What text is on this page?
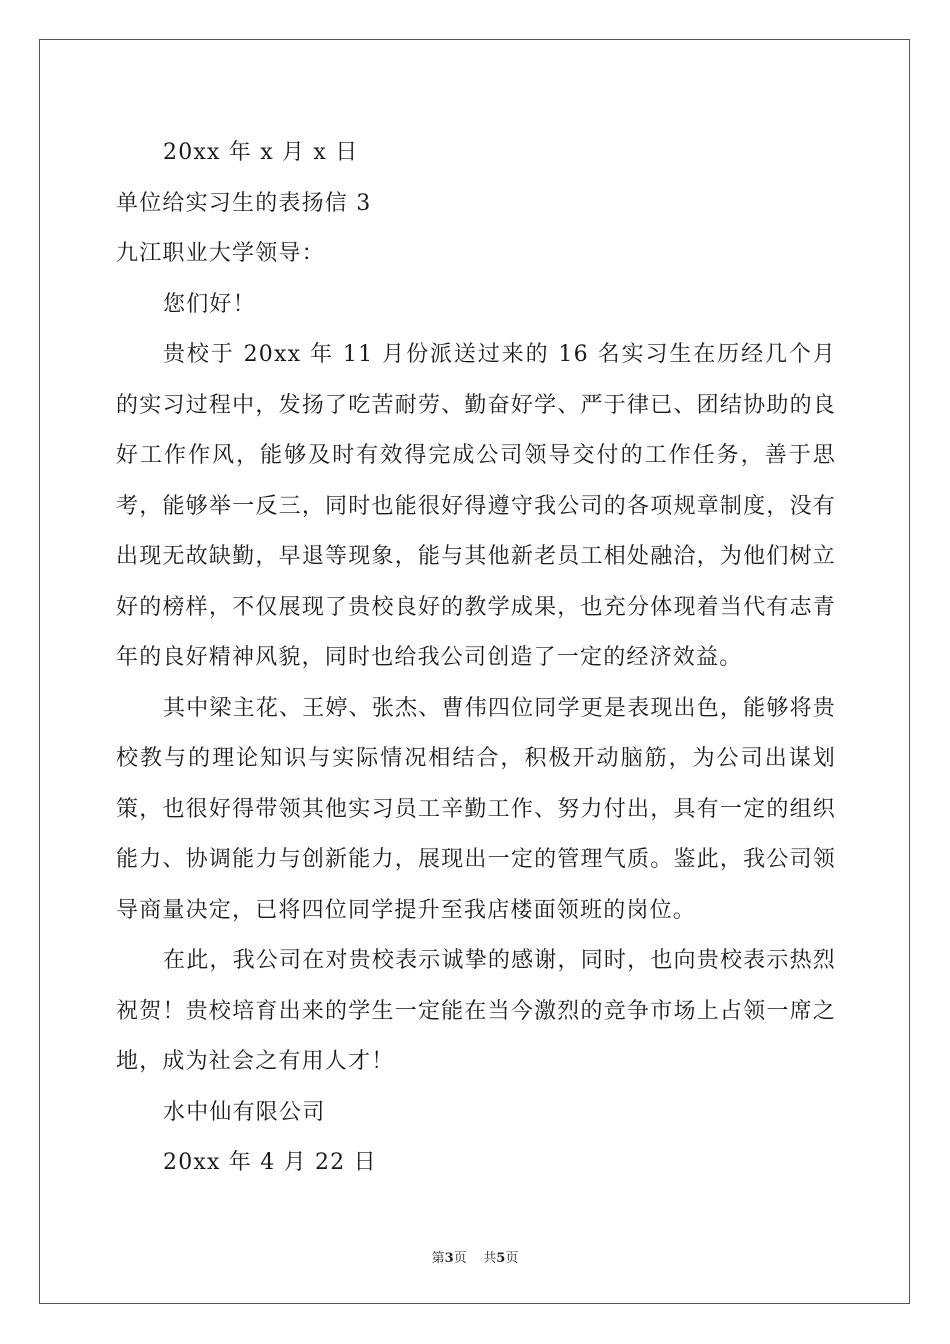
20xx 年 x 月 x 日
单位给实习生的表扬信 3
九江职业大学领导：
您们好！

贵校于 20xx 年 11 月份派送过来的 16 名实习生在历经几个月的实习过程中，发扬了吃苦耐劳、勤奋好学、严于律已、团结协助的良好工作作风，能够及时有效得完成公司领导交付的工作任务，善于思考，能够举一反三，同时也能很好得遵守我公司的各项规章制度，没有出现无故缺勤，早退等现象，能与其他新老员工相处融洽，为他们树立好的榜样，不仅展现了贵校良好的教学成果，也充分体现着当代有志青年的良好精神风貌，同时也给我公司创造了一定的经济效益。

其中梁主花、王婷、张杰、曹伟四位同学更是表现出色，能够将贵校教与的理论知识与实际情况相结合，积极开动脑筋，为公司出谋划策，也很好得带领其他实习员工辛勤工作、努力付出，具有一定的组织能力、协调能力与创新能力，展现出一定的管理气质。鉴此，我公司领导商量决定，已将四位同学提升至我店楼面领班的岗位。

在此，我公司在对贵校表示诚挚的感谢，同时，也向贵校表示热烈祝贺！贵校培育出来的学生一定能在当今激烈的竞争市场上占领一席之地，成为社会之有用人才！

水中仙有限公司
20xx 年 4 月 22 日
第3页 共5页
